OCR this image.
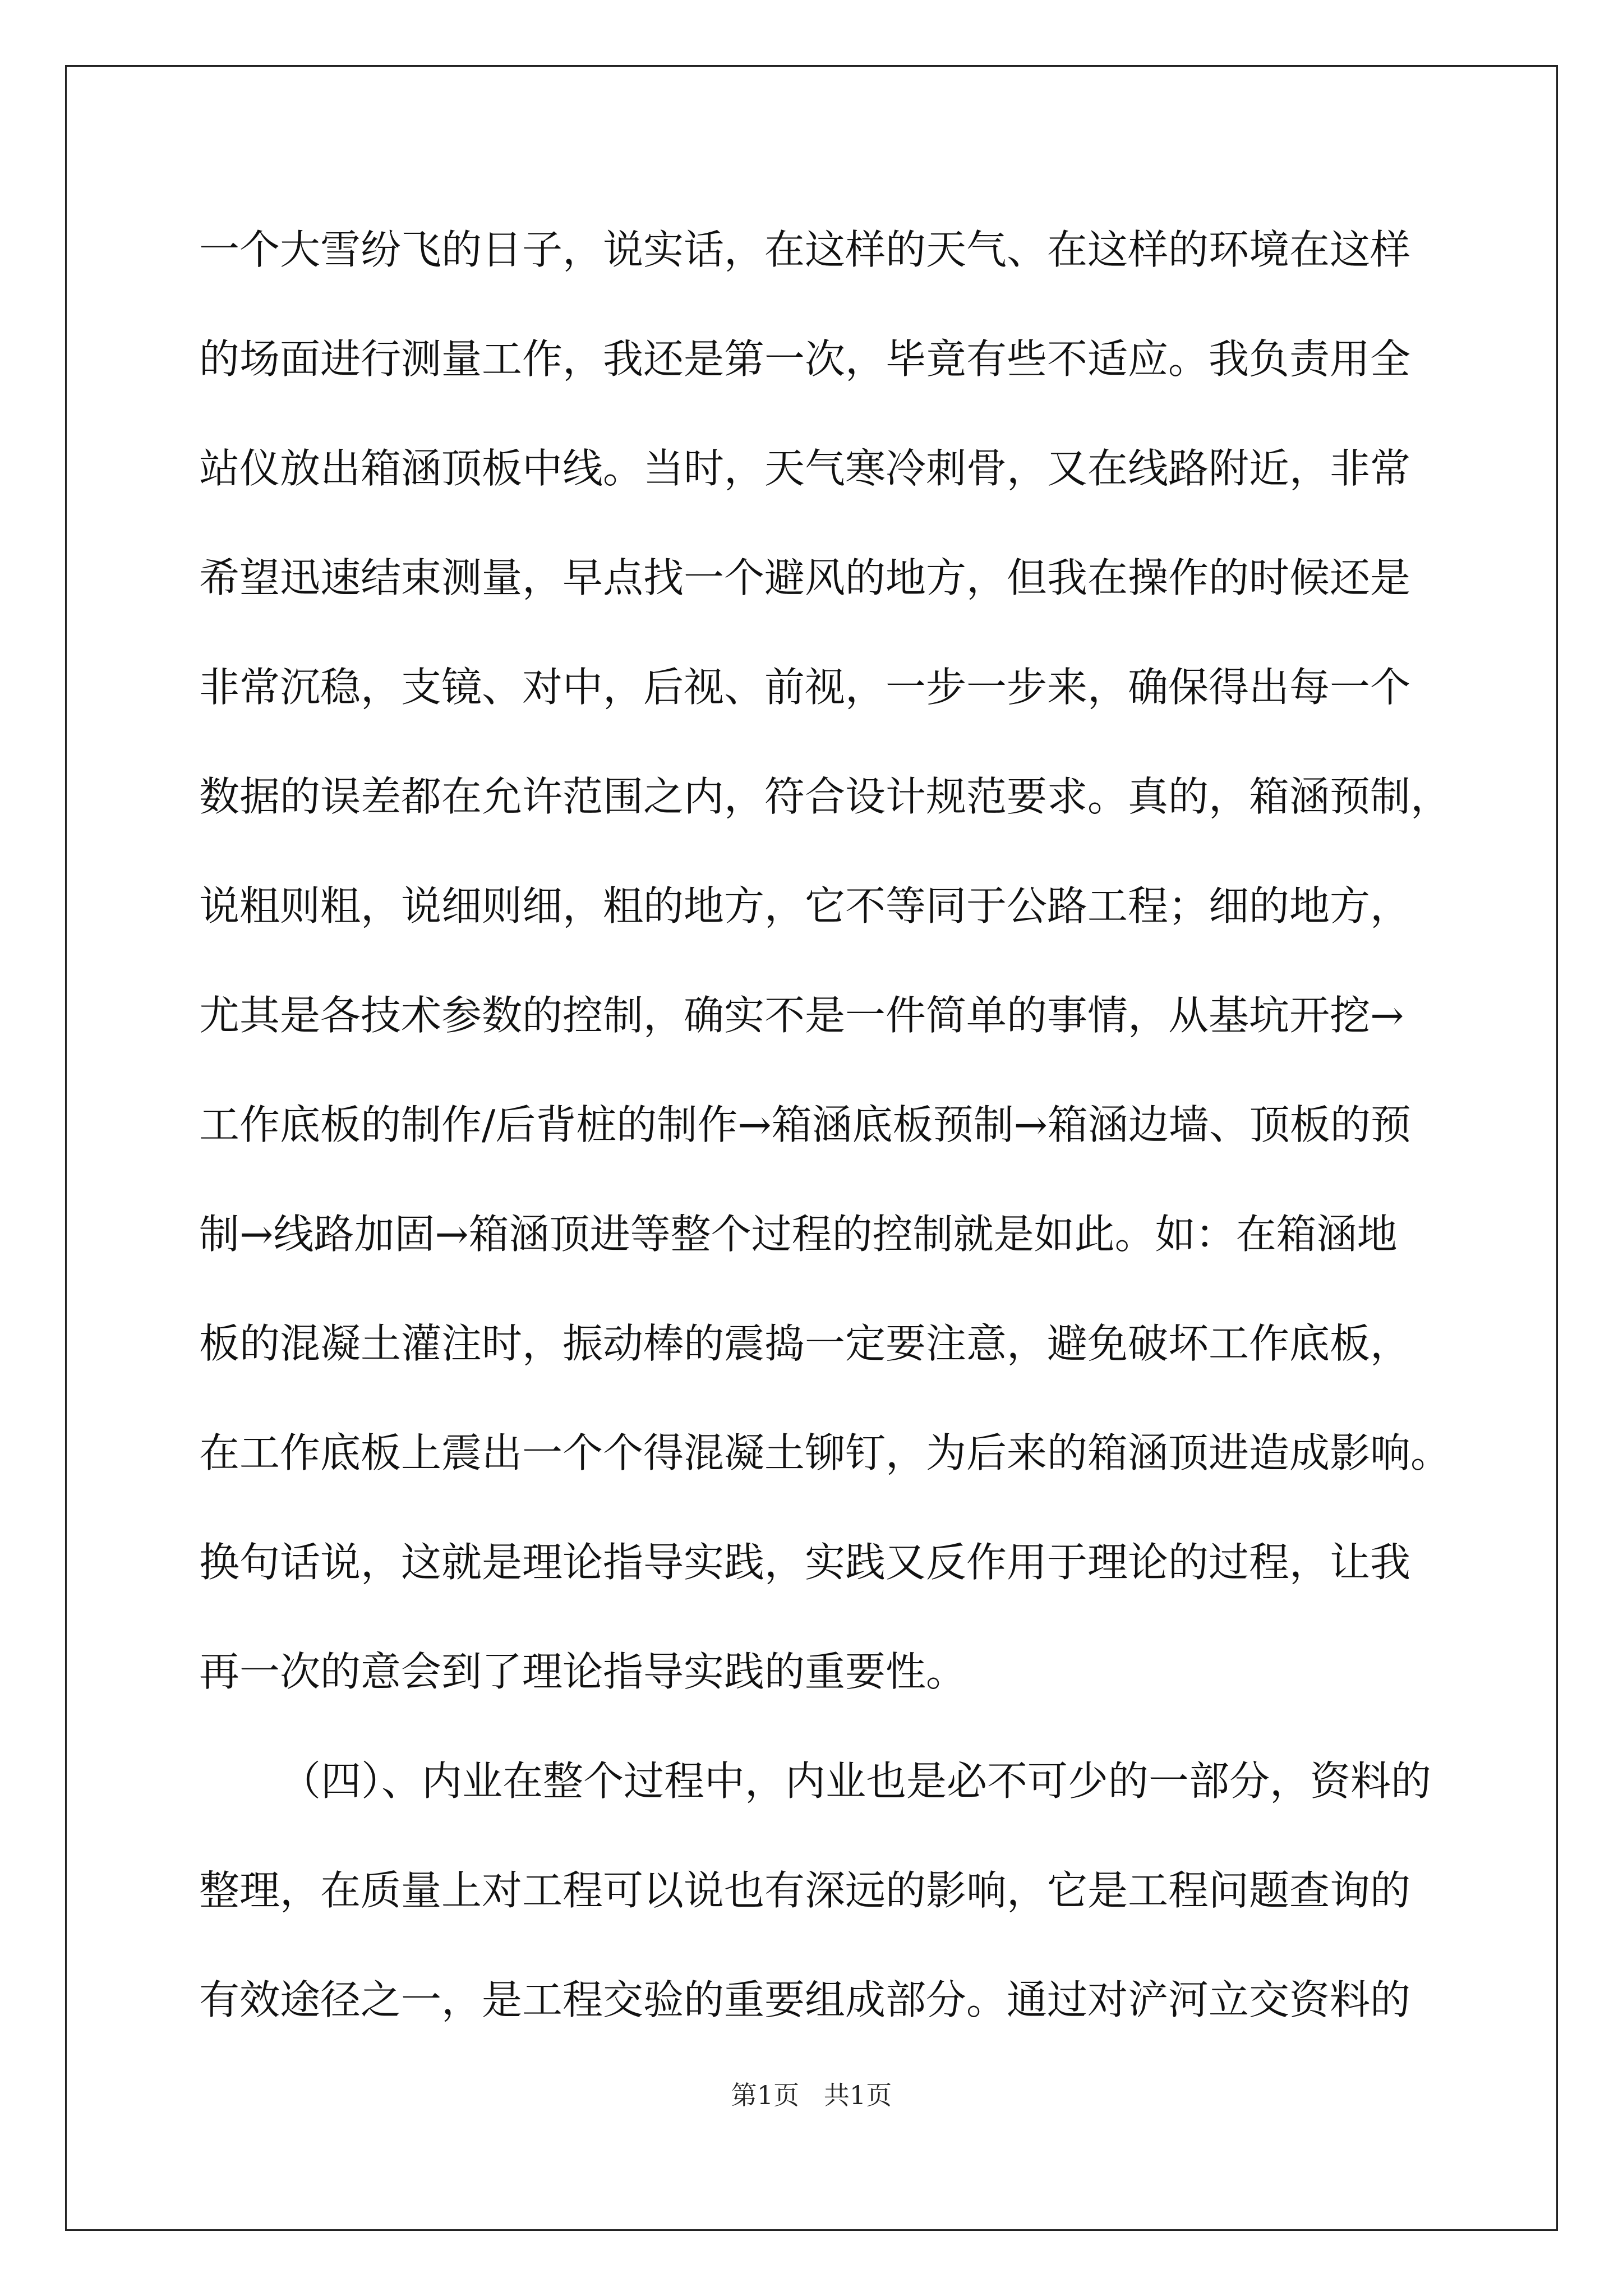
一个大雪纷飞的日子，说实话，在这样的天气、在这样的环境在这样
的场面进行测量工作，我还是第一次，毕竟有些不适应。我负责用全
站仪放出箱涵顶板中线。当时，天气寒冷刺骨，又在线路附近，非常
希望迅速结束测量，早点找一个避风的地方，但我在操作的时候还是
非常沉稳，支镜、对中，后视、前视，一步一步来，确保得出每一个
数据的误差都在允许范围之内，符合设计规范要求。真的，箱涵预制，
说粗则粗，说细则细，粗的地方，它不等同于公路工程；细的地方，
尤其是各技术参数的控制，确实不是一件简单的事情，从基坑开挖→
工作底板的制作/后背桩的制作→箱涵底板预制→箱涵边墙、顶板的预
制→线路加固→箱涵顶进等整个过程的控制就是如此。如：在箱涵地
板的混凝土灌注时，振动棒的震捣一定要注意，避免破坏工作底板，
在工作底板上震出一个个得混凝土铆钉，为后来的箱涵顶进造成影响。
换句话说，这就是理论指导实践，实践又反作用于理论的过程，让我
再一次的意会到了理论指导实践的重要性。
（四）、内业在整个过程中，内业也是必不可少的一部分，资料的
整理，在质量上对工程可以说也有深远的影响，它是工程问题查询的
有效途径之一，是工程交验的重要组成部分。通过对浐河立交资料的
第1页   共1页
